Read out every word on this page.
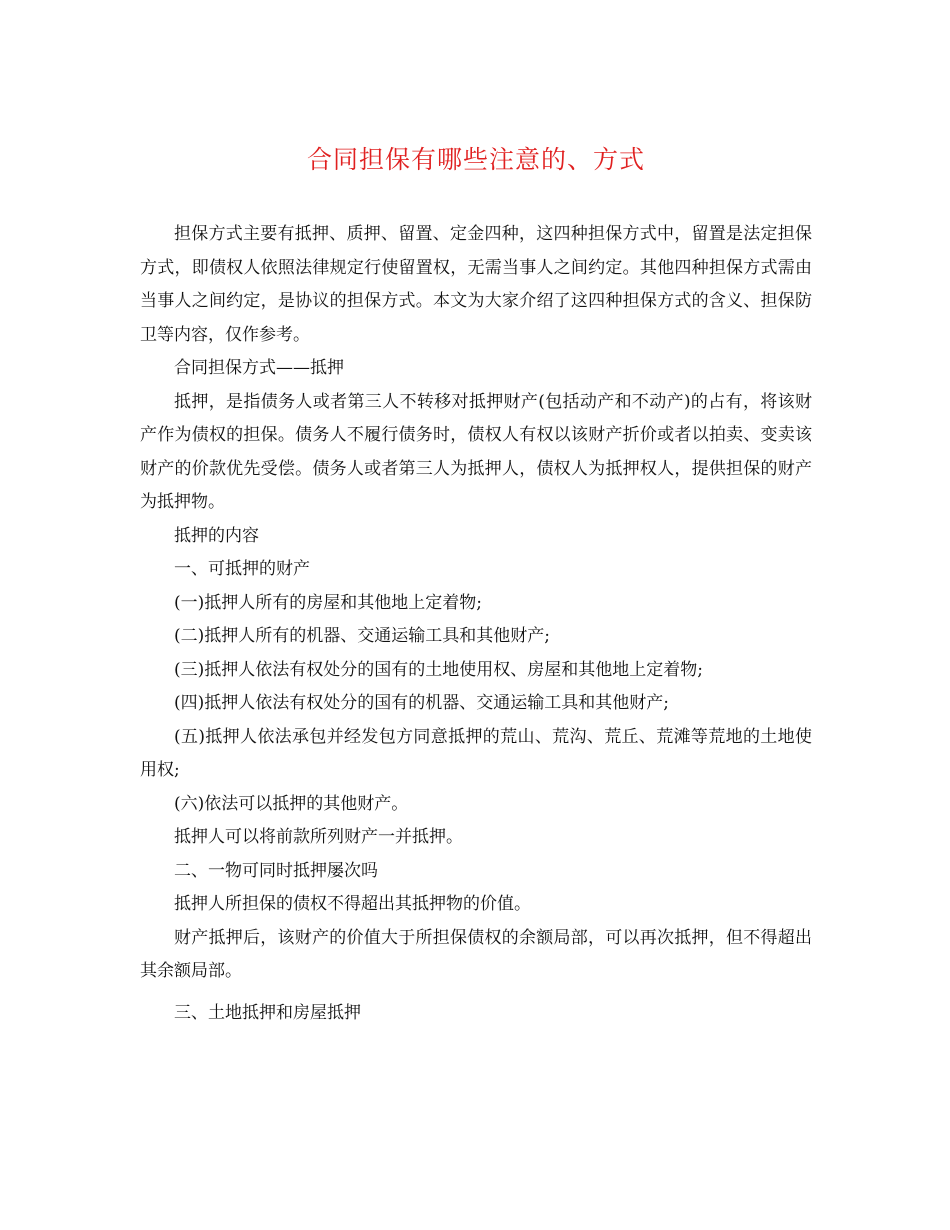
合同担保有哪些注意的、方式

担保方式主要有抵押、质押、留置、定金四种，这四种担保方式中，留置是法定担保方式，即债权人依照法律规定行使留置权，无需当事人之间约定。其他四种担保方式需由当事人之间约定，是协议的担保方式。本文为大家介绍了这四种担保方式的含义、担保防卫等内容，仅作参考。

合同担保方式——抵押

抵押，是指债务人或者第三人不转移对抵押财产(包括动产和不动产)的占有，将该财产作为债权的担保。债务人不履行债务时，债权人有权以该财产折价或者以拍卖、变卖该财产的价款优先受偿。债务人或者第三人为抵押人，债权人为抵押权人，提供担保的财产为抵押物。

抵押的内容

一、可抵押的财产

(一)抵押人所有的房屋和其他地上定着物;

(二)抵押人所有的机器、交通运输工具和其他财产;

(三)抵押人依法有权处分的国有的土地使用权、房屋和其他地上定着物;

(四)抵押人依法有权处分的国有的机器、交通运输工具和其他财产;

(五)抵押人依法承包并经发包方同意抵押的荒山、荒沟、荒丘、荒滩等荒地的土地使用权;

(六)依法可以抵押的其他财产。

抵押人可以将前款所列财产一并抵押。

二、一物可同时抵押屡次吗

抵押人所担保的债权不得超出其抵押物的价值。

财产抵押后，该财产的价值大于所担保债权的余额局部，可以再次抵押，但不得超出其余额局部。

三、土地抵押和房屋抵押
